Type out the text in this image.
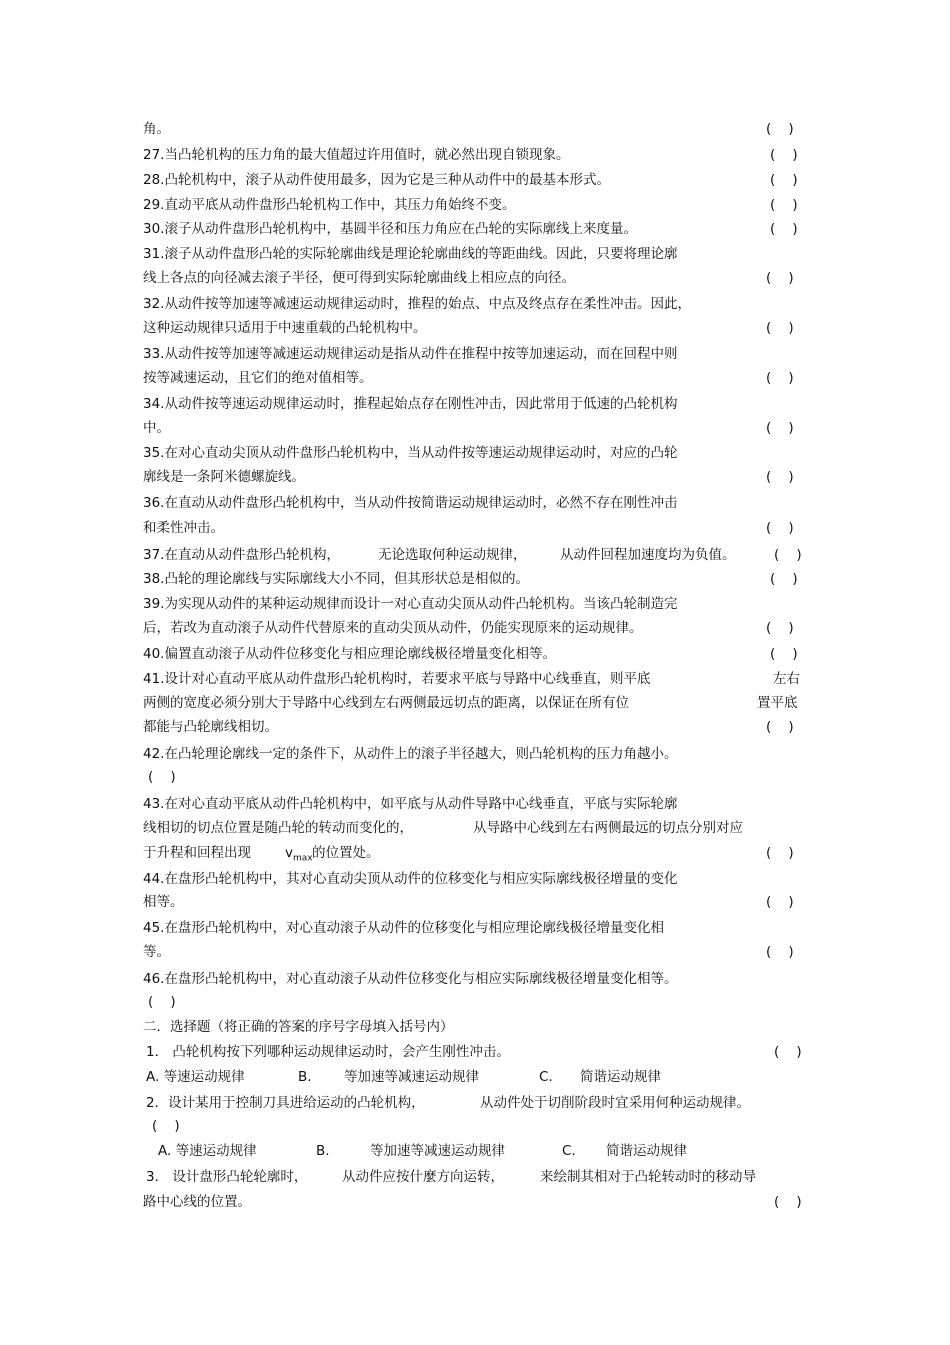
角。	(    )
27.当凸轮机构的压力角的最大值超过许用值时，就必然出现自锁现象。	(    )
28.凸轮机构中，滚子从动件使用最多，因为它是三种从动件中的最基本形式。	(    )
29.直动平底从动件盘形凸轮机构工作中，其压力角始终不变。	(    )
30.滚子从动件盘形凸轮机构中，基圆半径和压力角应在凸轮的实际廓线上来度量。	(    )
31.滚子从动件盘形凸轮的实际轮廓曲线是理论轮廓曲线的等距曲线。因此，只要将理论廓
线上各点的向径减去滚子半径，便可得到实际轮廓曲线上相应点的向径。	(    )
32.从动件按等加速等减速运动规律运动时，推程的始点、中点及终点存在柔性冲击。因此，
这种运动规律只适用于中速重载的凸轮机构中。	(    )
33.从动件按等加速等减速运动规律运动是指从动件在推程中按等加速运动，而在回程中则
按等减速运动，且它们的绝对值相等。	(    )
34.从动件按等速运动规律运动时，推程起始点存在刚性冲击，因此常用于低速的凸轮机构
中。	(    )
35.在对心直动尖顶从动件盘形凸轮机构中，当从动件按等速运动规律运动时，对应的凸轮
廓线是一条阿米德螺旋线。	(    )
36.在直动从动件盘形凸轮机构中，当从动件按简谐运动规律运动时，必然不存在刚性冲击
和柔性冲击。	(    )
37.在直动从动件盘形凸轮机构，	无论选取何种运动规律， 从动件回程加速度均为负值。	(    )
38.凸轮的理论廓线与实际廓线大小不同，但其形状总是相似的。	(    )
39.为实现从动件的某种运动规律而设计一对心直动尖顶从动件凸轮机构。当该凸轮制造完
后，若改为直动滚子从动件代替原来的直动尖顶从动件，仍能实现原来的运动规律。	(    )
40.偏置直动滚子从动件位移变化与相应理论廓线极径增量变化相等。	(    )
41.设计对心直动平底从动件盘形凸轮机构时，若要求平底与导路中心线垂直，则平底	左右
两侧的宽度必须分别大于导路中心线到左右两侧最远切点的距离，以保证在所有位	置平底
都能与凸轮廓线相切。	(    )
42.在凸轮理论廓线一定的条件下，从动件上的滚子半径越大，则凸轮机构的压力角越小。
(    )
43.在对心直动平底从动件凸轮机构中，如平底与从动件导路中心线垂直，平底与实际轮廓
线相切的切点位置是随凸轮的转动而变化的，	从导路中心线到左右两侧最远的切点分别对应
于升程和回程出现	$v_{max}$ 的位置处。	(    )
44.在盘形凸轮机构中，其对心直动尖顶从动件的位移变化与相应实际廓线极径增量的变化
相等。	(    )
45.在盘形凸轮机构中，对心直动滚子从动件的位移变化与相应理论廓线极径增量变化相
等。	(    )
46.在盘形凸轮机构中，对心直动滚子从动件位移变化与相应实际廓线极径增量变化相等。
(    )
二．选择题（将正确的答案的序号字母填入括号内）
1． 凸轮机构按下列哪种运动规律运动时，会产生刚性冲击。	(    )
A. 等速运动规律	B. 等加速等减速运动规律	C. 简谐运动规律
2．设计某用于控制刀具进给运动的凸轮机构，	从动件处于切削阶段时宜采用何种运动规律。
(    )
A. 等速运动规律	B.	等加速等减速运动规律	C. 简谐运动规律
3． 设计盘形凸轮轮廓时，	从动件应按什麼方向运转，	来绘制其相对于凸轮转动时的移动导
路中心线的位置。	(    )
